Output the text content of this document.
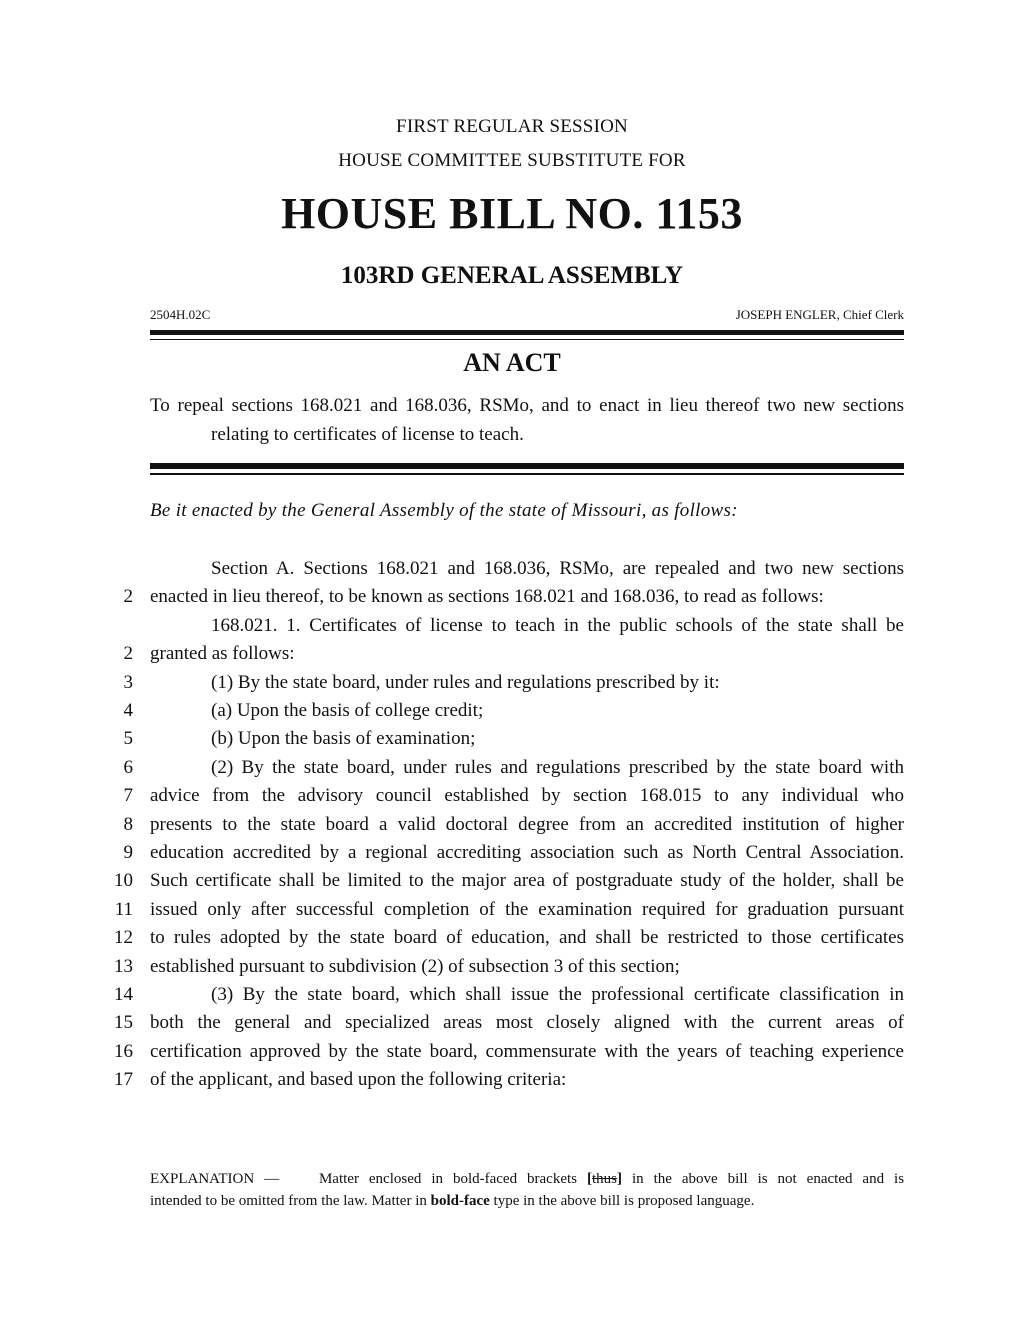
FIRST REGULAR SESSION
HOUSE COMMITTEE SUBSTITUTE FOR
HOUSE BILL NO. 1153
103RD GENERAL ASSEMBLY
2504H.02C	JOSEPH ENGLER, Chief Clerk
AN ACT
To repeal sections 168.021 and 168.036, RSMo, and to enact in lieu thereof two new sections
relating to certificates of license to teach.
Be it enacted by the General Assembly of the state of Missouri, as follows:
Section A. Sections 168.021 and 168.036, RSMo, are repealed and two new sections
2 enacted in lieu thereof, to be known as sections 168.021 and 168.036, to read as follows:
168.021. 1. Certificates of license to teach in the public schools of the state shall be
2 granted as follows:
3	(1) By the state board, under rules and regulations prescribed by it:
4	(a) Upon the basis of college credit;
5	(b) Upon the basis of examination;
6	(2) By the state board, under rules and regulations prescribed by the state board with
7 advice from the advisory council established by section 168.015 to any individual who
8 presents to the state board a valid doctoral degree from an accredited institution of higher
9 education accredited by a regional accrediting association such as North Central Association.
10 Such certificate shall be limited to the major area of postgraduate study of the holder, shall be
11 issued only after successful completion of the examination required for graduation pursuant
12 to rules adopted by the state board of education, and shall be restricted to those certificates
13 established pursuant to subdivision (2) of subsection 3 of this section;
14	(3) By the state board, which shall issue the professional certificate classification in
15 both the general and specialized areas most closely aligned with the current areas of
16 certification approved by the state board, commensurate with the years of teaching experience
17 of the applicant, and based upon the following criteria:
EXPLANATION —	Matter enclosed in bold-faced brackets [thus] in the above bill is not enacted and is
intended to be omitted from the law. Matter in bold-face type in the above bill is proposed language.
